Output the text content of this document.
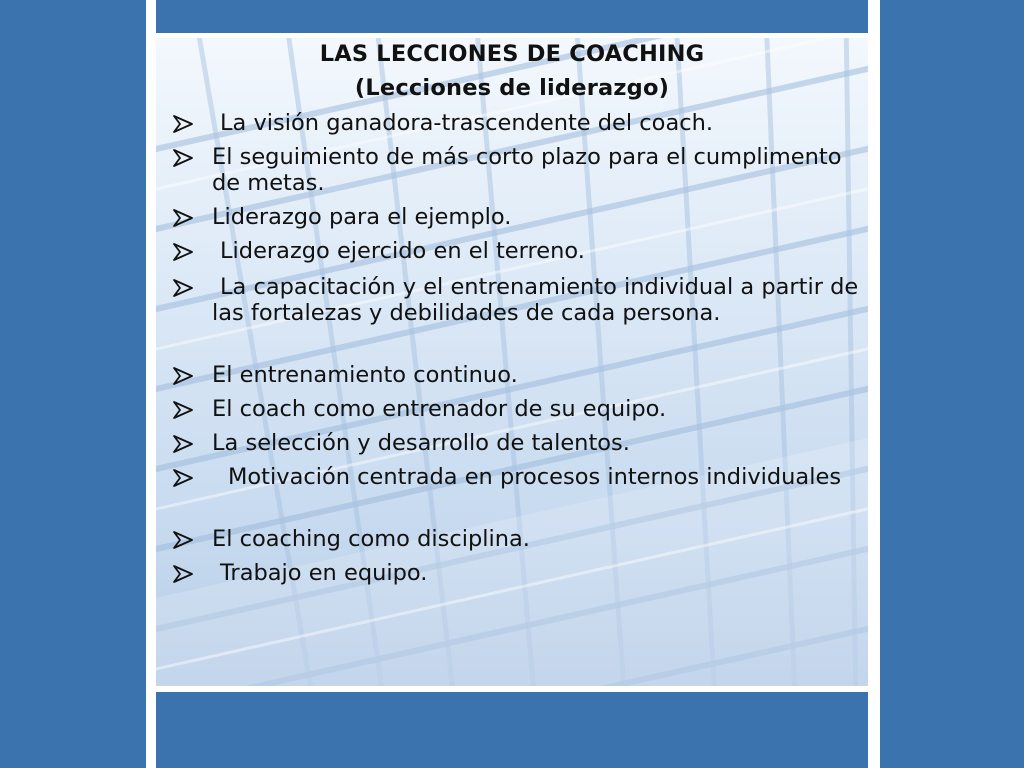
LAS LECCIONES DE COACHING
(Lecciones de liderazgo)
La visión ganadora-trascendente del coach.
El seguimiento de más corto plazo para el cumplimento de metas.
Liderazgo para el ejemplo.
Liderazgo ejercido en el terreno.
La capacitación y el entrenamiento individual a partir de las fortalezas y debilidades de cada persona.
El entrenamiento continuo.
El coach como entrenador de su equipo.
La selección y desarrollo de talentos.
Motivación centrada en procesos internos individuales
El coaching como disciplina.
Trabajo en equipo.
